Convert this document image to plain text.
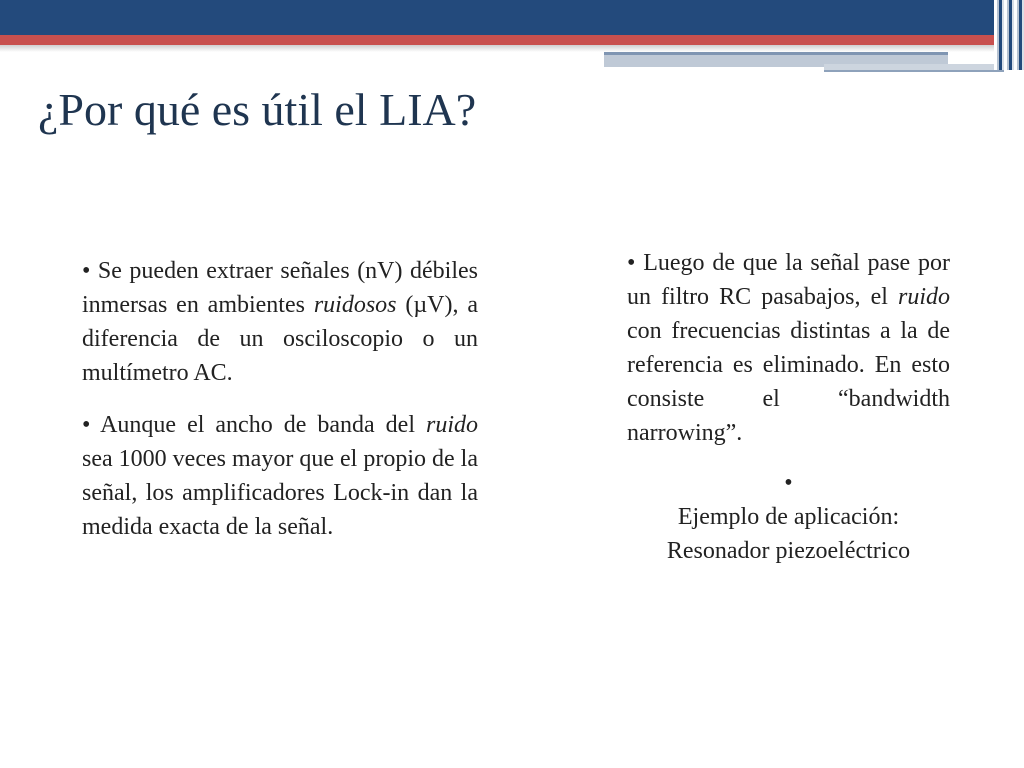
¿Por qué es útil el LIA?

• Se pueden extraer señales (nV) débiles inmersas en ambientes ruidosos (µV), a diferencia de un osciloscopio o un multímetro AC.

• Aunque el ancho de banda del ruido sea 1000 veces mayor que el propio de la señal, los amplificadores Lock-in dan la medida exacta de la señal.

• Luego de que la señal pase por un filtro RC pasabajos, el ruido con frecuencias distintas a la de referencia es eliminado. En esto consiste el “bandwidth narrowing”.

•
Ejemplo de aplicación:
Resonador piezoeléctrico
